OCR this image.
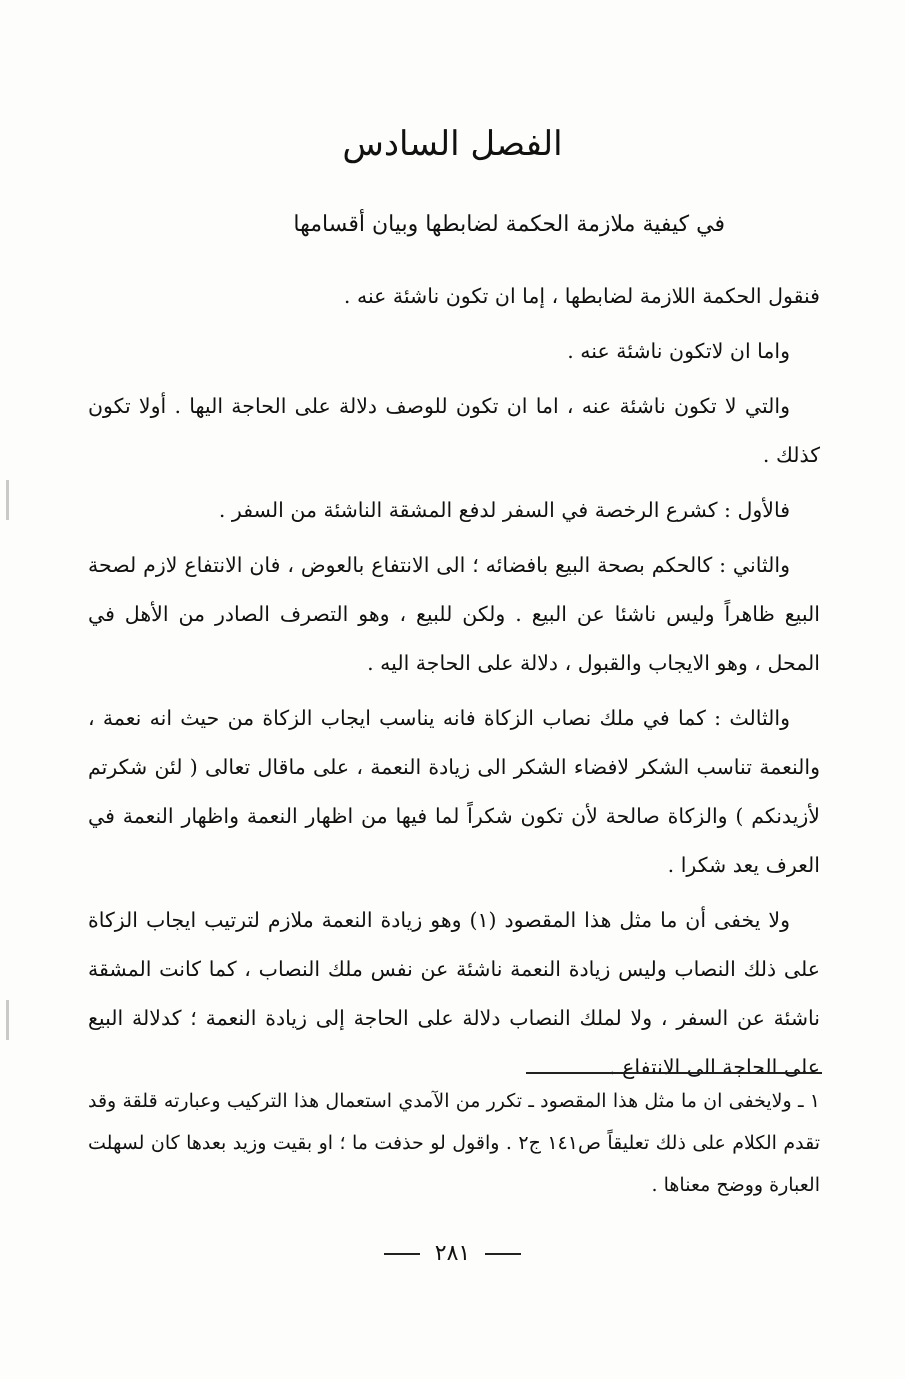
الفصل السادس
في كيفية ملازمة الحكمة لضابطها وبيان أقسامها

فنقول الحكمة اللازمة لضابطها ، إما ان تكون ناشئة عنه .

واما ان لاتكون ناشئة عنه .

والتي لا تكون ناشئة عنه ، اما ان تكون للوصف دلالة على الحاجة اليها . أولا تكون كذلك .

فالأول : كشرع الرخصة في السفر لدفع المشقة الناشئة من السفر .

والثاني : كالحكم بصحة البيع بافضائه ؛ الى الانتفاع بالعوض ، فان الانتفاع لازم لصحة البيع ظاهراً وليس ناشئا عن البيع . ولكن للبيع ، وهو التصرف الصادر من الأهل في المحل ، وهو الايجاب والقبول ، دلالة على الحاجة اليه .

والثالث : كما في ملك نصاب الزكاة فانه يناسب ايجاب الزكاة من حيث انه نعمة ، والنعمة تناسب الشكر لافضاء الشكر الى زيادة النعمة ، على ماقال تعالى ( لئن شكرتم لأزيدنكم ) والزكاة صالحة لأن تكون شكراً لما فيها من اظهار النعمة واظهار النعمة في العرف يعد شكرا .

ولا يخفى أن ما مثل هذا المقصود (١) وهو زيادة النعمة ملازم لترتيب ايجاب الزكاة على ذلك النصاب وليس زيادة النعمة ناشئة عن نفس ملك النصاب ، كما كانت المشقة ناشئة عن السفر ، ولا لملك النصاب دلالة على الحاجة إلى زيادة النعمة ؛ كدلالة البيع على الحاجة الى الانتفاع .

١ ـ ولايخفى ان ما مثل هذا المقصود ـ تكرر من الآمدي استعمال هذا التركيب وعبارته قلقة وقد تقدم الكلام على ذلك تعليقاً ص١٤١ ج٢ . واقول لو حذفت ما ؛ او بقيت وزيد بعدها كان لسهلت العبارة ووضح معناها .

٢٨١
